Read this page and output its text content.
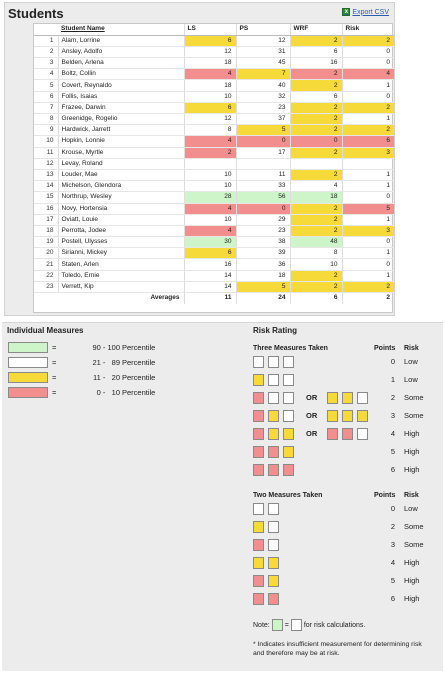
Students	x Export CSV
	Student Name	LS	PS	WRF	Risk
1	Alam, Lorrine	6	12	2	2
2	Ansley, Adolfo	12	31	6	0
3	Belden, Arlena	18	45	16	0
4	Boltz, Collin	4	7	2	4
5	Covert, Reynaldo	18	40	2	1
6	Follis, Isaias	10	32	6	0
7	Frazee, Darwin	6	23	2	2
8	Greenidge, Rogelio	12	37	2	1
9	Hardwick, Jarrett	8	5	2	2
10	Hopkin, Lonnie	4	0	0	6
11	Krouse, Myrtle	2	17	2	3
12	Levay, Roland				
13	Louder, Mae	10	11	2	1
14	Michelson, Glendora	10	33	4	1
15	Northrup, Wesley	28	56	18	0
16	Novy, Hortensia	4	0	2	5
17	Oviatt, Louie	10	29	2	1
18	Perrotta, Jodee	4	23	2	3
19	Postell, Ulysses	30	38	48	0
20	Sirianni, Mickey	6	39	8	1
21	Staten, Arlen	16	36	10	0
22	Toledo, Ernie	14	18	2	1
23	Verrett, Kip	14	5	2	2
	Averages	11	24	6	2
Individual Measures
=	90 - 100 Percentile
=	21 -   89 Percentile
=	11 -   20 Percentile
=	0 -   10 Percentile
Risk Rating
Three Measures Taken	Points Risk
0 Low
1 Low
OR	2 Some
OR	3 Some
OR	4 High
5 High
6 High
Two Measures Taken	Points Risk
0 Low
2 Some
3 Some
4 High
5 High
6 High
Note: = for risk calculations.
* Indicates insufficient measurement for determining risk and therefore may be at risk.
